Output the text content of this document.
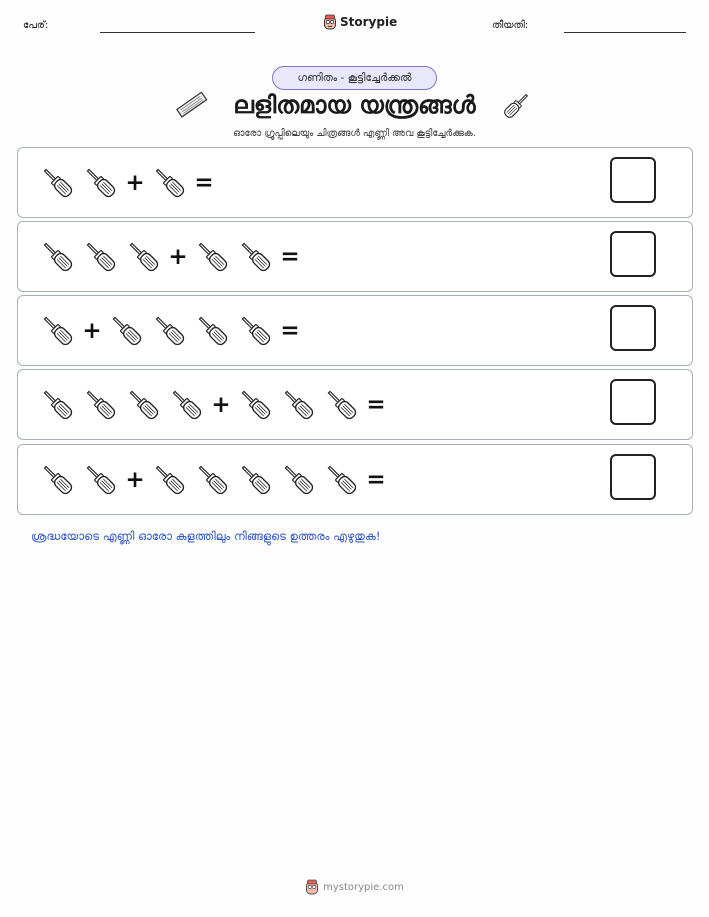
പേര്:	Storypie	തീയതി:
ഗണിതം - കൂട്ടിച്ചേർക്കൽ
ലളിതമായ യന്ത്രങ്ങൾ
ഓരോ ഗ്രൂപ്പിലെയും ചിത്രങ്ങൾ എണ്ണി അവ കൂട്ടിച്ചേർക്കുക.
+ =
+	=
+	=
+	=
+	=
ശ്രദ്ധയോടെ എണ്ണി ഓരോ കളത്തിലും നിങ്ങളുടെ ഉത്തരം എഴുതുക!
mystorypie.com
